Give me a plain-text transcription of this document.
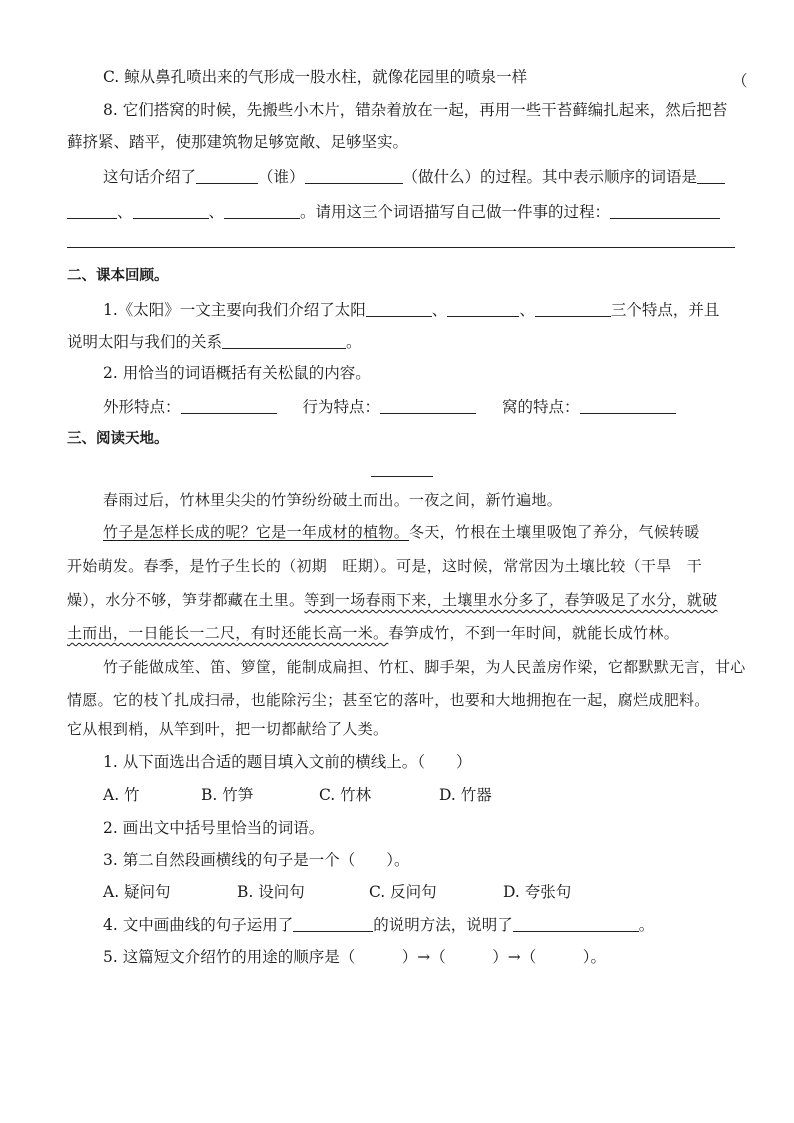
C. 鲸从鼻孔喷出来的气形成一股水柱，就像花园里的喷泉一样	（
8. 它们搭窝的时候，先搬些小木片，错杂着放在一起，再用一些干苔藓编扎起来，然后把苔
藓挤紧、踏平，使那建筑物足够宽敞、足够坚实。
这句话介绍了	（谁）	（做什么）的过程。其中表示顺序的词语是
、	、	。请用这三个词语描写自己做一件事的过程：
二、课本回顾。
1.《太阳》一文主要向我们介绍了太阳	、	、	三个特点，并且
说明太阳与我们的关系	。
2. 用恰当的词语概括有关松鼠的内容。
外形特点：	行为特点：	窝的特点：
三、阅读天地。
春雨过后，竹林里尖尖的竹笋纷纷破土而出。一夜之间，新竹遍地。
竹子是怎样长成的呢？它是一年成材的植物。冬天，竹根在土壤里吸饱了养分，气候转暖
开始萌发。春季，是竹子生长的（初期　旺期）。可是，这时候，常常因为土壤比较（干旱　干
燥），水分不够，笋芽都藏在土里。等到一场春雨下来，土壤里水分多了，春笋吸足了水分，就破
土而出，一日能长一二尺，有时还能长高一米。春笋成竹，不到一年时间，就能长成竹林。
竹子能做成笙、笛、箩筐，能制成扁担、竹杠、脚手架，为人民盖房作梁，它都默默无言，甘心
情愿。它的枝丫扎成扫帚，也能除污尘；甚至它的落叶，也要和大地拥抱在一起，腐烂成肥料。
它从根到梢，从竿到叶，把一切都献给了人类。
1. 从下面选出合适的题目填入文前的横线上。（　　）
A. 竹	B. 竹笋	C. 竹林	D. 竹器
2. 画出文中括号里恰当的词语。
3. 第二自然段画横线的句子是一个（　　）。
A. 疑问句	B. 设问句	C. 反问句	D. 夸张句
4. 文中画曲线的句子运用了	的说明方法，说明了	。
5. 这篇短文介绍竹的用途的顺序是（　　　）→（　　　）→（　　　）。
